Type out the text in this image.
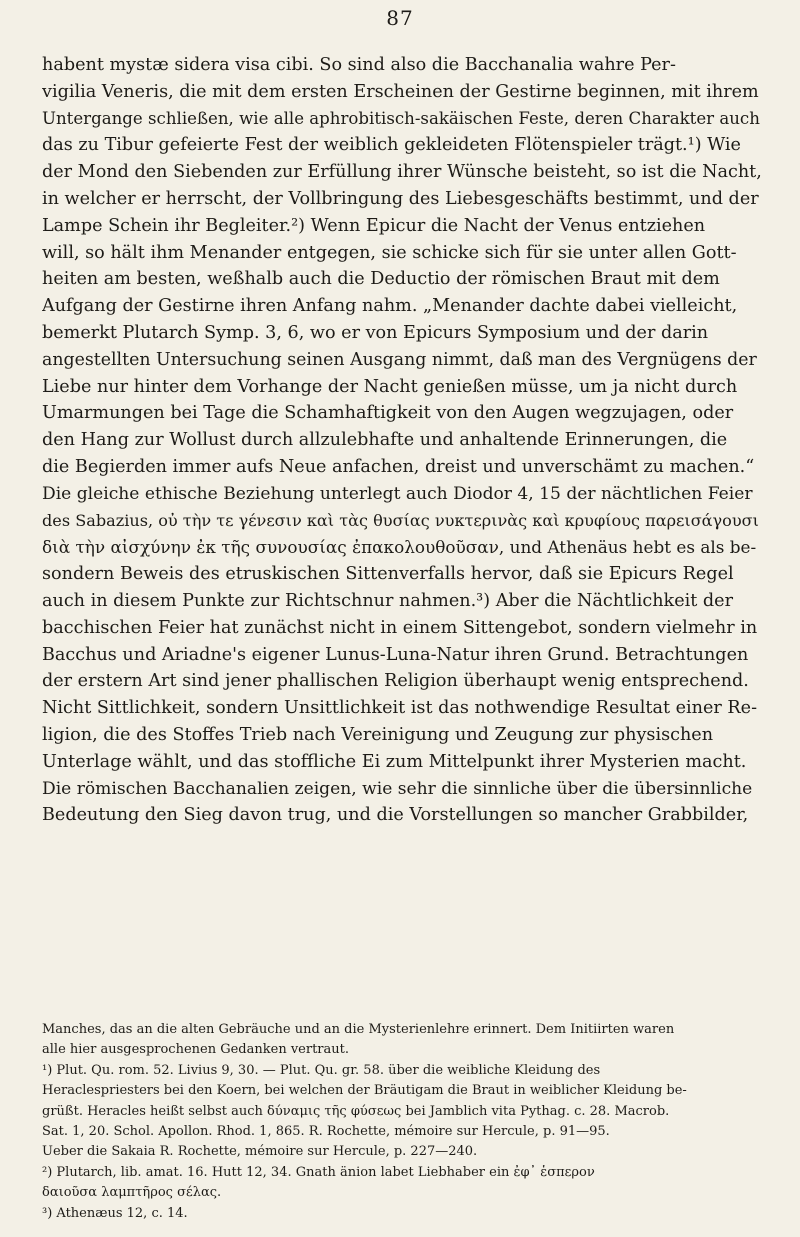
87
habent mystæ sidera visa cibi. So sind also die Bacchanalia wahre Per-
vigilia Veneris, die mit dem ersten Erscheinen der Gestirne beginnen, mit ihrem
Untergange schließen, wie alle aphrobitisch-sakäischen Feste, deren Charakter auch
das zu Tibur gefeierte Fest der weiblich gekleideten Flötenspieler trägt.¹) Wie
der Mond den Siebenden zur Erfüllung ihrer Wünsche beisteht, so ist die Nacht,
in welcher er herrscht, der Vollbringung des Liebesgeschäfts bestimmt, und der
Lampe Schein ihr Begleiter.²) Wenn Epicur die Nacht der Venus entziehen
will, so hält ihm Menander entgegen, sie schicke sich für sie unter allen Gott-
heiten am besten, weßhalb auch die Deductio der römischen Braut mit dem
Aufgang der Gestirne ihren Anfang nahm. „Menander dachte dabei vielleicht,
bemerkt Plutarch Symp. 3, 6, wo er von Epicurs Symposium und der darin
angestellten Untersuchung seinen Ausgang nimmt, daß man des Vergnügens der
Liebe nur hinter dem Vorhange der Nacht genießen müsse, um ja nicht durch
Umarmungen bei Tage die Schamhaftigkeit von den Augen wegzujagen, oder
den Hang zur Wollust durch allzulebhafte und anhaltende Erinnerungen, die
die Begierden immer aufs Neue anfachen, dreist und unverschämt zu machen.“
Die gleiche ethische Beziehung unterlegt auch Diodor 4, 15 der nächtlichen Feier
des Sabazius, οὐ τὴν τε γένεσιν καὶ τὰς θυσίας νυκτερινὰς καὶ κρυφίους παρεισάγουσι
διὰ τὴν αἰσχύνην ἐκ τῆς συνουσίας ἐπακολουθοῦσαν, und Athenäus hebt es als be-
sondern Beweis des etruskischen Sittenverfalls hervor, daß sie Epicurs Regel
auch in diesem Punkte zur Richtschnur nahmen.³) Aber die Nächtlichkeit der
bacchischen Feier hat zunächst nicht in einem Sittengebot, sondern vielmehr in
Bacchus und Ariadne's eigener Lunus-Luna-Natur ihren Grund. Betrachtungen
der erstern Art sind jener phallischen Religion überhaupt wenig entsprechend.
Nicht Sittlichkeit, sondern Unsittlichkeit ist das nothwendige Resultat einer Re-
ligion, die des Stoffes Trieb nach Vereinigung und Zeugung zur physischen
Unterlage wählt, und das stoffliche Ei zum Mittelpunkt ihrer Mysterien macht.
Die römischen Bacchanalien zeigen, wie sehr die sinnliche über die übersinnliche
Bedeutung den Sieg davon trug, und die Vorstellungen so mancher Grabbilder,
Manches, das an die alten Gebräuche und an die Mysterienlehre erinnert. Dem Initiirten waren
alle hier ausgesprochenen Gedanken vertraut.
¹) Plut. Qu. rom. 52. Livius 9, 30. — Plut. Qu. gr. 58. über die weibliche Kleidung des
Heraclespriesters bei den Koern, bei welchen der Bräutigam die Braut in weiblicher Kleidung be-
grüßt. Heracles heißt selbst auch δύναμις τῆς φύσεως bei Jamblich vita Pythag. c. 28. Macrob.
Sat. 1, 20. Schol. Apollon. Rhod. 1, 865. R. Rochette, mémoire sur Hercule, p. 91—95.
Ueber die Sakaia R. Rochette, mémoire sur Hercule, p. 227—240.
²) Plutarch, lib. amat. 16. Hutt 12, 34. Gnath änion labet Liebhaber ein ἐφ᾽ ἑσπερον
δαιοῦσα λαμπτῆρος σέλας.
³) Athenæus 12, c. 14.
